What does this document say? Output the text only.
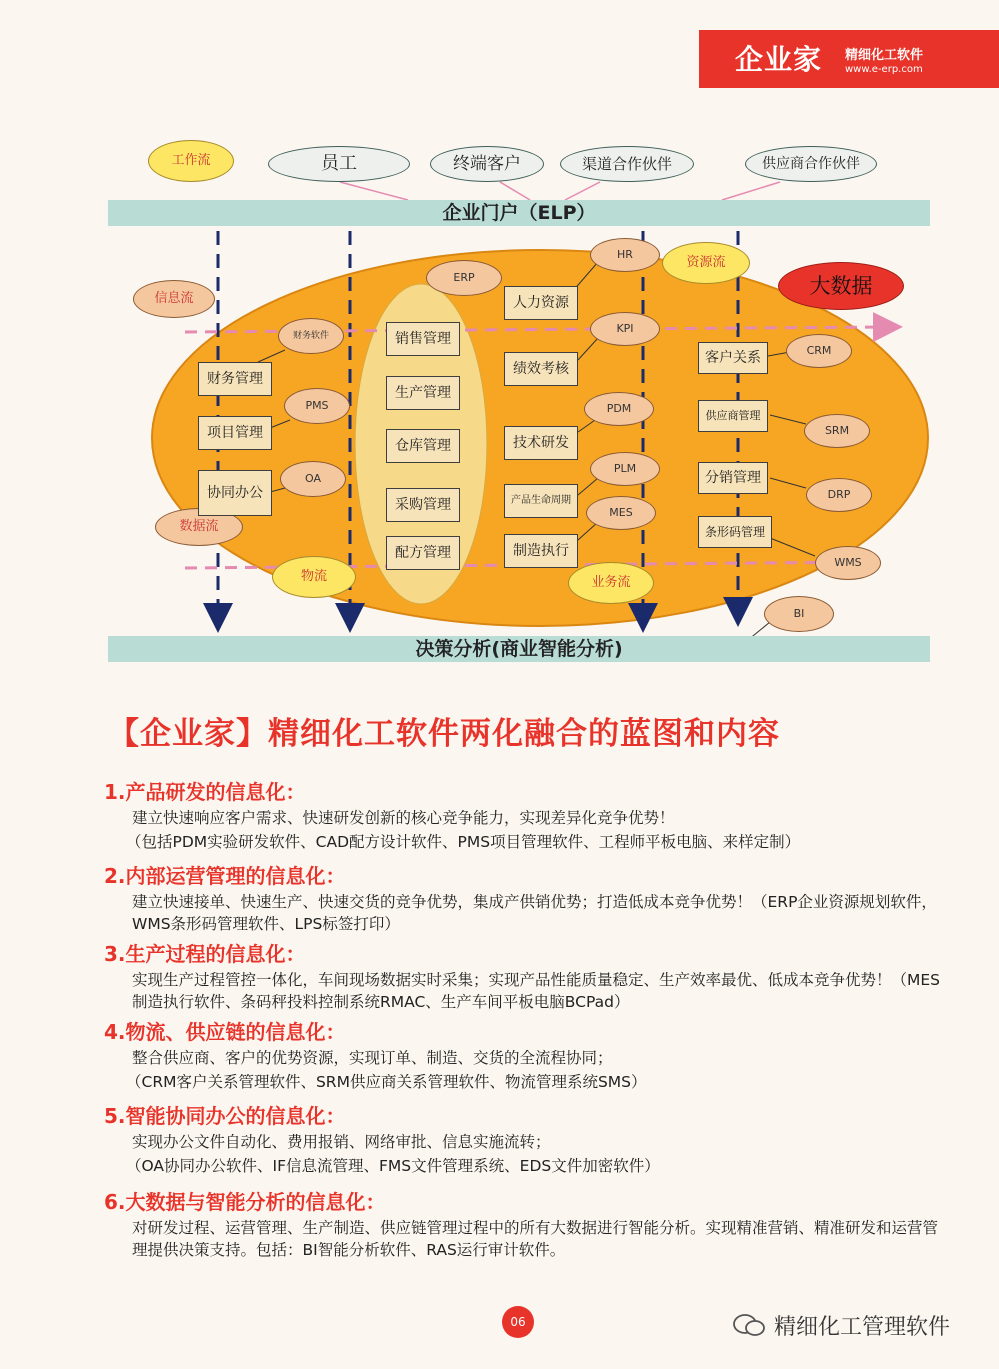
企业家 精细化工软件
www.e-erp.com
企业门户（ELP）
决策分析(商业智能分析)
员工	终端客户	渠道合作伙伴	供应商合作伙伴
工作流
信息流
数据流
物流	业务流
资源流
大数据
财务管理
项目管理
协同办公
财务软件
PMS
OA
ERP
销售管理
生产管理
仓库管理
采购管理
配方管理
人力资源
绩效考核
技术研发
产品生命周期
制造执行
HR
KPI
PDM
PLM
MES
客户关系
供应商管理
分销管理
条形码管理
CRM
SRM
DRP
WMS
BI
【企业家】精细化工软件两化融合的蓝图和内容
1.产品研发的信息化：

建立快速响应客户需求、快速研发创新的核心竞争能力，实现差异化竞争优势！

（包括PDM实验研发软件、CAD配方设计软件、PMS项目管理软件、工程师平板电脑、来样定制）

2.内部运营管理的信息化：

建立快速接单、快速生产、快速交货的竞争优势，集成产供销优势；打造低成本竞争优势！（ERP企业资源规划软件，WMS条形码管理软件、LPS标签打印）

3.生产过程的信息化：

实现生产过程管控一体化，车间现场数据实时采集；实现产品性能质量稳定、生产效率最优、低成本竞争优势！（MES制造执行软件、条码秤投料控制系统RMAC、生产车间平板电脑BCPad）

4.物流、供应链的信息化：

整合供应商、客户的优势资源，实现订单、制造、交货的全流程协同；

（CRM客户关系管理软件、SRM供应商关系管理软件、物流管理系统SMS）

5.智能协同办公的信息化：

实现办公文件自动化、费用报销、网络审批、信息实施流转；

（OA协同办公软件、IF信息流管理、FMS文件管理系统、EDS文件加密软件）

6.大数据与智能分析的信息化：

对研发过程、运营管理、生产制造、供应链管理过程中的所有大数据进行智能分析。实现精准营销、精准研发和运营管理提供决策支持。包括：BI智能分析软件、RAS运行审计软件。

06	精细化工管理软件
